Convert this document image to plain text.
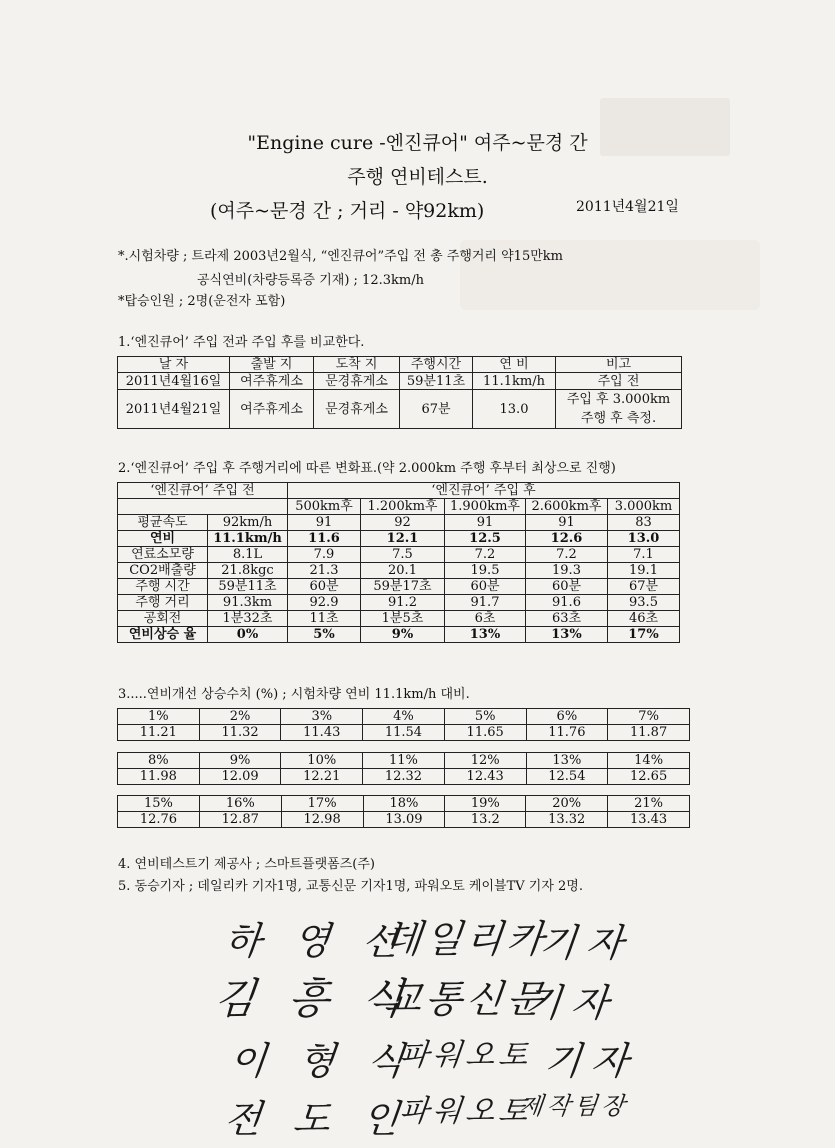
"Engine cure -엔진큐어" 여주~문경 간
주행 연비테스트.
(여주~문경 간 ; 거리 - 약92km)	2011년4월21일
*.시험차량 ; 트라제 2003년2월식, “엔진큐어”주입 전 총 주행거리 약15만km
공식연비(차량등록증 기재) ; 12.3km/h
*탑승인원 ; 2명(운전자 포함)
1.‘엔진큐어’ 주입 전과 주입 후를 비교한다.
날 자	출발 지	도착 지	주행시간	연 비	비고
2011년4월16일	여주휴게소	문경휴게소	59분11초	11.1km/h	주입 전
2011년4월21일	여주휴게소	문경휴게소	67분	13.0	주입 후 3.000km
주행 후 측정.
2.‘엔진큐어’ 주입 후 주행거리에 따른 변화표.(약 2.000km 주행 후부터 최상으로 진행)
‘엔진큐어’ 주입 전		‘엔진큐어’ 주입 후				
		500km후	1.200km후	1.900km후	2.600km후	3.000km
평균속도	92km/h	91	92	91	91	83
연비	11.1km/h	11.6	12.1	12.5	12.6	13.0
연료소모량	8.1L	7.9	7.5	7.2	7.2	7.1
CO2배출량	21.8kgc	21.3	20.1	19.5	19.3	19.1
주행 시간	59분11초	60분	59분17초	60분	60분	67분
주행 거리	91.3km	92.9	91.2	91.7	91.6	93.5
공회전	1분32초	11초	1분5초	6초	63초	46초
연비상승 율	0%	5%	9%	13%	13%	17%
3.....연비개선 상승수치 (%) ; 시험차량 연비 11.1km/h 대비.
1%	2%	3%	4%	5%	6%	7%
11.21	11.32	11.43	11.54	11.65	11.76	11.87
8%	9%	10%	11%	12%	13%	14%
11.98	12.09	12.21	12.32	12.43	12.54	12.65
15%	16%	17%	18%	19%	20%	21%
12.76	12.87	12.98	13.09	13.2	13.32	13.43
4. 연비테스트기 제공사 ; 스마트플랫폼즈(주)
5. 동승기자 ; 데일리카 기자1명, 교통신문 기자1명, 파워오토 케이블TV 기자 2명.
하 영 선
데일리카
기자
김 흥 식
교통신문
기자
이 형 식
파워오토 기자
전 도 인
파워오토
제작팀장
